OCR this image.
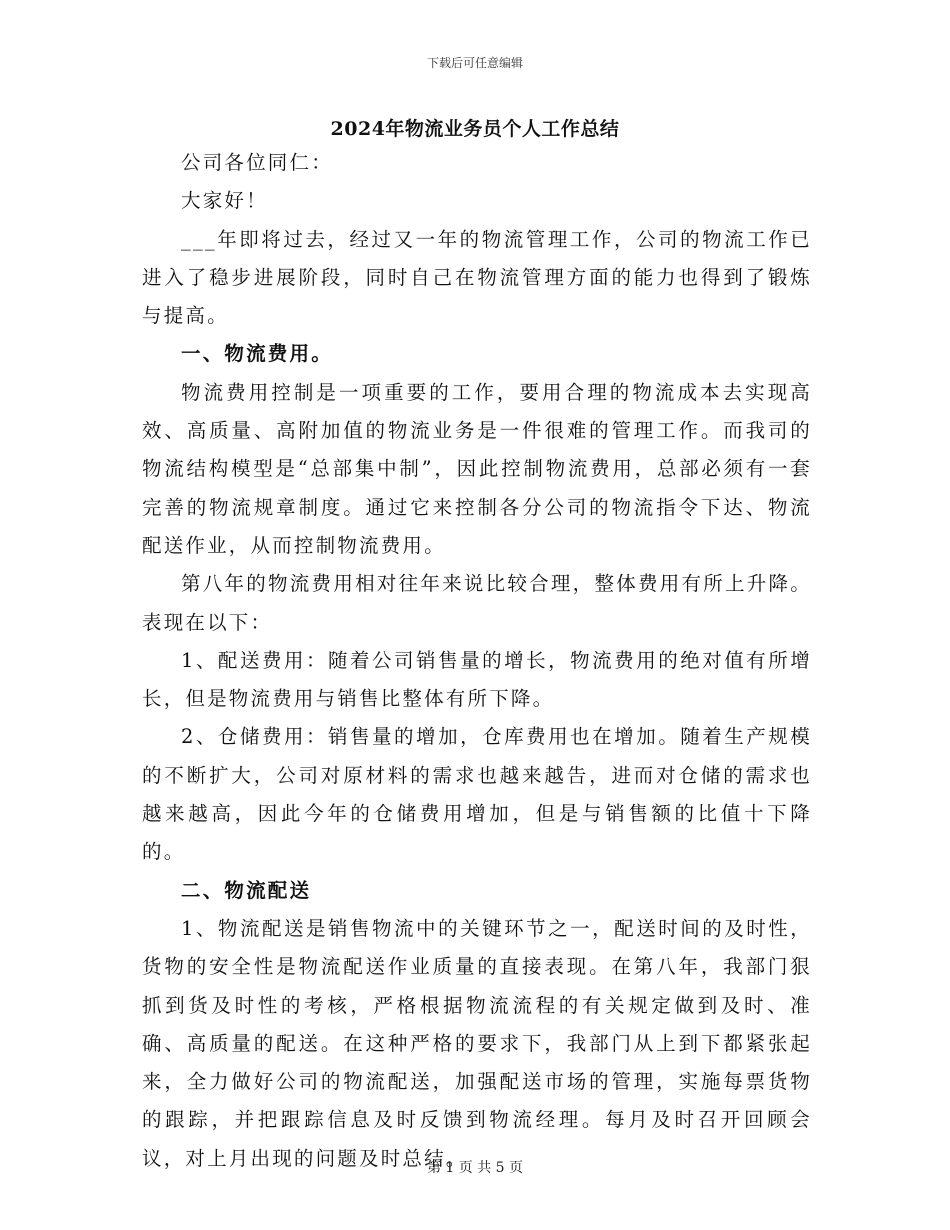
下载后可任意编辑
2024年物流业务员个人工作总结

公司各位同仁：

大家好！

___年即将过去，经过又一年的物流管理工作，公司的物流工作已进入了稳步进展阶段，同时自己在物流管理方面的能力也得到了锻炼与提高。

一、物流费用。

物流费用控制是一项重要的工作，要用合理的物流成本去实现高效、高质量、高附加值的物流业务是一件很难的管理工作。而我司的物流结构模型是“总部集中制”，因此控制物流费用，总部必须有一套完善的物流规章制度。通过它来控制各分公司的物流指令下达、物流配送作业，从而控制物流费用。

第八年的物流费用相对往年来说比较合理，整体费用有所上升降。表现在以下：

1、配送费用：随着公司销售量的增长，物流费用的绝对值有所增长，但是物流费用与销售比整体有所下降。

2、仓储费用：销售量的增加，仓库费用也在增加。随着生产规模的不断扩大，公司对原材料的需求也越来越告，进而对仓储的需求也越来越高，因此今年的仓储费用增加，但是与销售额的比值十下降的。

二、物流配送

1、物流配送是销售物流中的关键环节之一，配送时间的及时性，货物的安全性是物流配送作业质量的直接表现。在第八年，我部门狠抓到货及时性的考核，严格根据物流流程的有关规定做到及时、准确、高质量的配送。在这种严格的要求下，我部门从上到下都紧张起来，全力做好公司的物流配送，加强配送市场的管理，实施每票货物的跟踪，并把跟踪信息及时反馈到物流经理。每月及时召开回顾会议，对上月出现的问题及时总结。

第 1 页 共 5 页
